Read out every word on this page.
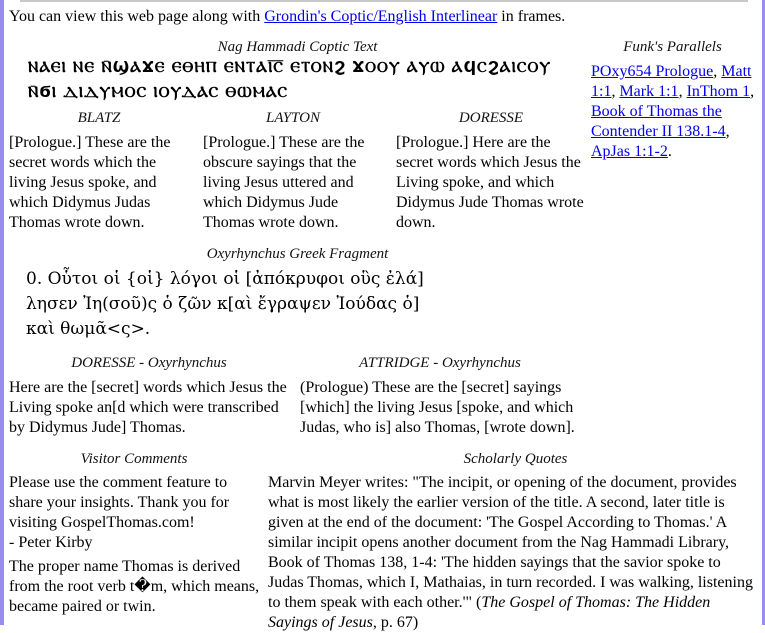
You can view this web page along with Grondin's Coptic/English Interlinear in frames.
Nag Hammadi Coptic Text
ⲚⲀⲈⲒ ⲚⲈ Ⲛ̄ϢⲀϪⲈ ⲈⲐⲎⲠ ⲈⲚⲦⲀⲒ̅Ⲥ̅ ⲈⲦⲞⲚϨ ϪⲞⲞⲨ ⲀⲨⲰ ⲀϤⲤϨⲀⲒⲤⲞⲨ
Ⲛ̄ϬⲒ ⲆⲒⲆⲨⲘⲞⲤ ⲒⲞⲨⲆⲀⲤ ⲐⲰⲘⲀⲤ
Funk's Parallels
POxy654 Prologue, Matt 1:1, Mark 1:1, InThom 1, Book of Thomas the Contender II 138.1-4, ApJas 1:1-2.
BLATZ
[Prologue.] These are the secret words which the living Jesus spoke, and which Didymus Judas Thomas wrote down.
LAYTON
[Prologue.] These are the obscure sayings that the living Jesus uttered and which Didymus Jude Thomas wrote down.
DORESSE
[Prologue.] Here are the secret words which Jesus the Living spoke, and which Didymus Jude Thomas wrote down.
Oxyrhynchus Greek Fragment
0. Οὗτοι οἱ {οἱ} λόγοι οἱ [ἀπόκρυφοι οὓς ἐλά]
λησεν Ἰη(σοῦ)ς ὁ ζῶν κ[αὶ ἔγραψεν Ἰούδας ὁ]
καὶ θωμᾶ<ς>.
DORESSE - Oxyrhynchus
Here are the [secret] words which Jesus the Living spoke an[d which were transcribed by Didymus Jude] Thomas.
ATTRIDGE - Oxyrhynchus
(Prologue) These are the [secret] sayings [which] the living Jesus [spoke, and which Judas, who is] also Thomas, [wrote down].
Visitor Comments
Please use the comment feature to share your insights. Thank you for visiting GospelThomas.com!
- Peter Kirby
The proper name Thomas is derived from the root verb t�m, which means, became paired or twin.
Scholarly Quotes
Marvin Meyer writes: "The incipit, or opening of the document, provides what is most likely the earlier version of the title. A second, later title is given at the end of the document: 'The Gospel According to Thomas.' A similar incipit opens another document from the Nag Hammadi Library, Book of Thomas 138, 1-4: 'The hidden sayings that the savior spoke to Judas Thomas, which I, Mathaias, in turn recorded. I was walking, listening to them speak with each other.'" (The Gospel of Thomas: The Hidden Sayings of Jesus, p. 67)
